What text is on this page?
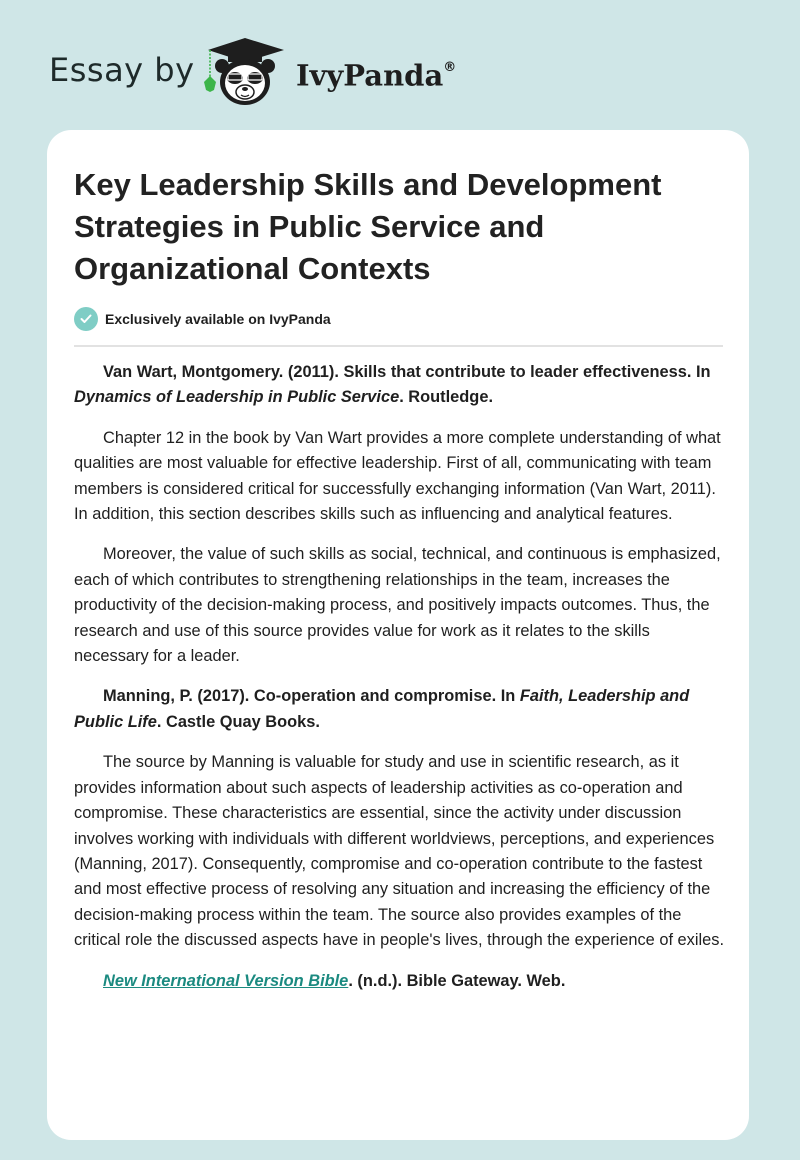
Essay by	IvyPanda®
Key Leadership Skills and Development Strategies in Public Service and Organizational Contexts
Exclusively available on IvyPanda

Van Wart, Montgomery. (2011). Skills that contribute to leader effectiveness. In Dynamics of Leadership in Public Service. Routledge.

Chapter 12 in the book by Van Wart provides a more complete understanding of what qualities are most valuable for effective leadership. First of all, communicating with team members is considered critical for successfully exchanging information (Van Wart, 2011). In addition, this section describes skills such as influencing and analytical features.

Moreover, the value of such skills as social, technical, and continuous is emphasized, each of which contributes to strengthening relationships in the team, increases the productivity of the decision-making process, and positively impacts outcomes. Thus, the research and use of this source provides value for work as it relates to the skills necessary for a leader.

Manning, P. (2017). Co-operation and compromise. In Faith, Leadership and Public Life. Castle Quay Books.

The source by Manning is valuable for study and use in scientific research, as it provides information about such aspects of leadership activities as co-operation and compromise. These characteristics are essential, since the activity under discussion involves working with individuals with different worldviews, perceptions, and experiences (Manning, 2017). Consequently, compromise and co-operation contribute to the fastest and most effective process of resolving any situation and increasing the efficiency of the decision-making process within the team. The source also provides examples of the critical role the discussed aspects have in people's lives, through the experience of exiles.

New International Version Bible. (n.d.). Bible Gateway. Web.
